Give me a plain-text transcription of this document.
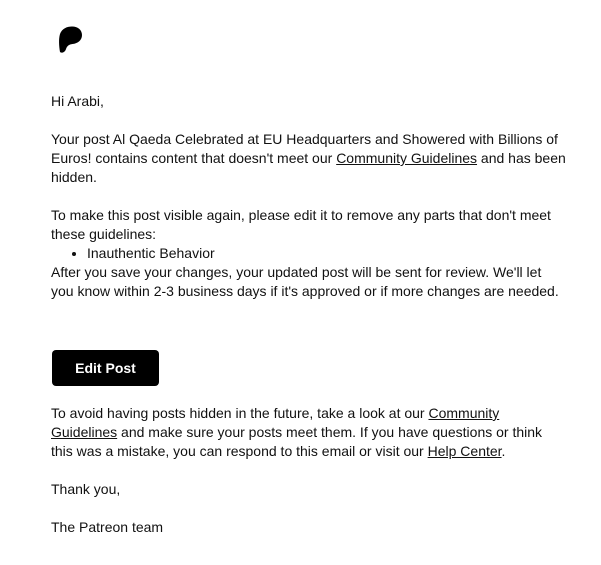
Hi Arabi,

Your post Al Qaeda Celebrated at EU Headquarters and Showered with Billions of Euros! contains content that doesn't meet our Community Guidelines and has been hidden.

To make this post visible again, please edit it to remove any parts that don't meet these guidelines:

• Inauthentic Behavior

After you save your changes, your updated post will be sent for review. We'll let you know within 2-3 business days if it's approved or if more changes are needed.

Edit Post

To avoid having posts hidden in the future, take a look at our Community Guidelines and make sure your posts meet them. If you have questions or think this was a mistake, you can respond to this email or visit our Help Center.

Thank you,

The Patreon team
